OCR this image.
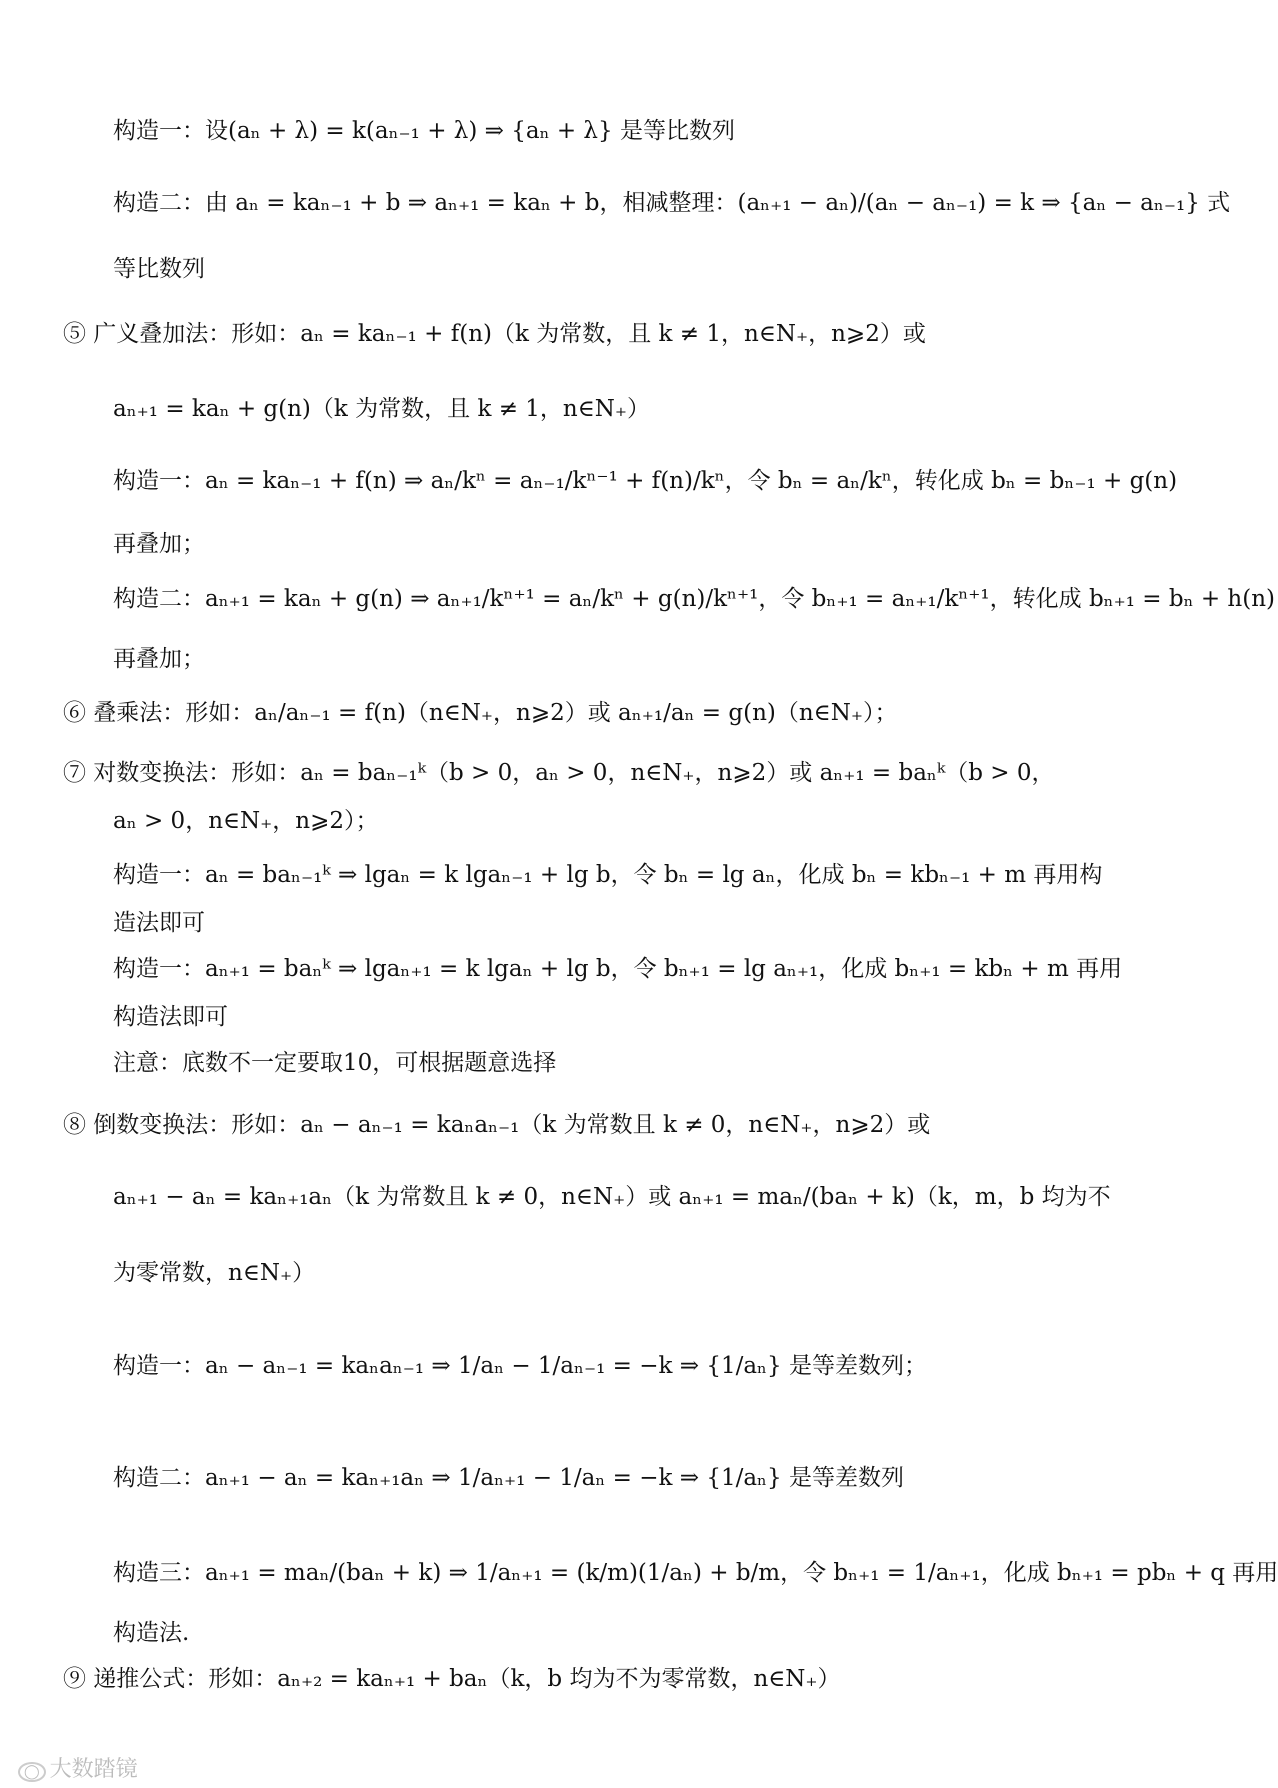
构造一：设(aₙ + λ) = k(aₙ₋₁ + λ) ⇒ {aₙ + λ} 是等比数列
构造二：由 aₙ = kaₙ₋₁ + b ⇒ aₙ₊₁ = kaₙ + b，相减整理：(aₙ₊₁ − aₙ)/(aₙ − aₙ₋₁) = k ⇒ {aₙ − aₙ₋₁} 式
等比数列
⑤ 广义叠加法：形如：aₙ = kaₙ₋₁ + f(n)（k 为常数，且 k ≠ 1，n∈N₊，n⩾2）或
aₙ₊₁ = kaₙ + g(n)（k 为常数，且 k ≠ 1，n∈N₊）
构造一：aₙ = kaₙ₋₁ + f(n) ⇒ aₙ/kⁿ = aₙ₋₁/kⁿ⁻¹ + f(n)/kⁿ，令 bₙ = aₙ/kⁿ，转化成 bₙ = bₙ₋₁ + g(n)
再叠加；
构造二：aₙ₊₁ = kaₙ + g(n) ⇒ aₙ₊₁/kⁿ⁺¹ = aₙ/kⁿ + g(n)/kⁿ⁺¹，令 bₙ₊₁ = aₙ₊₁/kⁿ⁺¹，转化成 bₙ₊₁ = bₙ + h(n)
再叠加；
⑥ 叠乘法：形如：aₙ/aₙ₋₁ = f(n)（n∈N₊，n⩾2）或 aₙ₊₁/aₙ = g(n)（n∈N₊）；
⑦ 对数变换法：形如：aₙ = baₙ₋₁ᵏ（b > 0，aₙ > 0，n∈N₊，n⩾2）或 aₙ₊₁ = baₙᵏ（b > 0，
aₙ > 0，n∈N₊，n⩾2）；
构造一：aₙ = baₙ₋₁ᵏ ⇒ lgaₙ = k lgaₙ₋₁ + lg b，令 bₙ = lg aₙ，化成 bₙ = kbₙ₋₁ + m 再用构
造法即可
构造一：aₙ₊₁ = baₙᵏ ⇒ lgaₙ₊₁ = k lgaₙ + lg b，令 bₙ₊₁ = lg aₙ₊₁，化成 bₙ₊₁ = kbₙ + m 再用
构造法即可
注意：底数不一定要取10，可根据题意选择
⑧ 倒数变换法：形如：aₙ − aₙ₋₁ = kaₙaₙ₋₁（k 为常数且 k ≠ 0，n∈N₊，n⩾2）或
aₙ₊₁ − aₙ = kaₙ₊₁aₙ（k 为常数且 k ≠ 0，n∈N₊）或 aₙ₊₁ = maₙ/(baₙ + k)（k，m，b 均为不
为零常数，n∈N₊）
构造一：aₙ − aₙ₋₁ = kaₙaₙ₋₁ ⇒ 1/aₙ − 1/aₙ₋₁ = −k ⇒ {1/aₙ} 是等差数列；
构造二：aₙ₊₁ − aₙ = kaₙ₊₁aₙ ⇒ 1/aₙ₊₁ − 1/aₙ = −k ⇒ {1/aₙ} 是等差数列
构造三：aₙ₊₁ = maₙ/(baₙ + k) ⇒ 1/aₙ₊₁ = (k/m)(1/aₙ) + b/m，令 bₙ₊₁ = 1/aₙ₊₁，化成 bₙ₊₁ = pbₙ + q 再用
构造法.
⑨ 递推公式：形如：aₙ₊₂ = kaₙ₊₁ + baₙ（k，b 均为不为零常数，n∈N₊）
◯ 大数踏镜
